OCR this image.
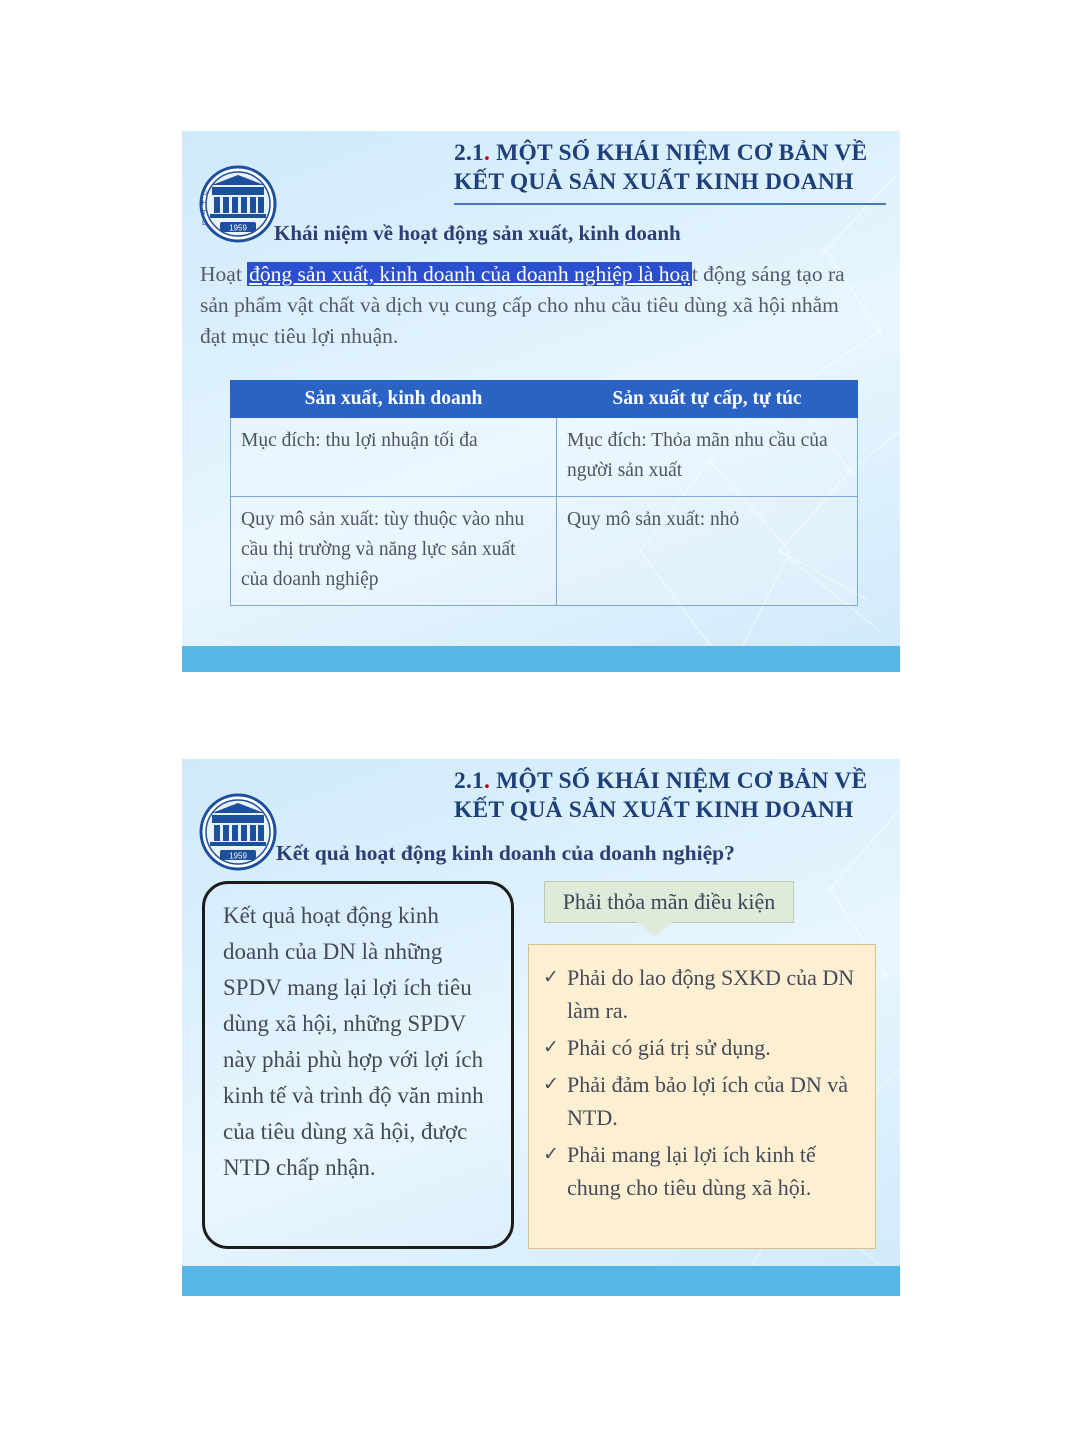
2.1. MỘT SỐ KHÁI NIỆM CƠ BẢN VỀ KẾT QUẢ SẢN XUẤT KINH DOANH
1959
Đ
H
T
L	Khái niệm về hoạt động sản xuất, kinh doanh
Hoạt động sản xuất, kinh doanh của doanh nghiệp là hoạt động sáng tạo ra sản phẩm vật chất và dịch vụ cung cấp cho nhu cầu tiêu dùng xã hội nhằm đạt mục tiêu lợi nhuận.
Sản xuất, kinh doanh	Sản xuất tự cấp, tự túc
Mục đích: thu lợi nhuận tối đa	Mục đích: Thỏa mãn nhu cầu của người sản xuất
Quy mô sản xuất: tùy thuộc vào nhu cầu thị trường và năng lực sản xuất của doanh nghiệp	Quy mô sản xuất: nhỏ
2.1. MỘT SỐ KHÁI NIỆM CƠ BẢN VỀ KẾT QUẢ SẢN XUẤT KINH DOANH
1959 Kết quả hoạt động kinh doanh của doanh nghiệp?
Kết quả hoạt động kinh doanh của DN là những SPDV mang lại lợi ích tiêu dùng xã hội, những SPDV này phải phù hợp với lợi ích kinh tế và trình độ văn minh của tiêu dùng xã hội, được NTD chấp nhận.
Phải thỏa mãn điều kiện
✓ Phải do lao động SXKD của DN làm ra.
✓ Phải có giá trị sử dụng.
✓ Phải đảm bảo lợi ích của DN và NTD.
✓ Phải mang lại lợi ích kinh tế chung cho tiêu dùng xã hội.
